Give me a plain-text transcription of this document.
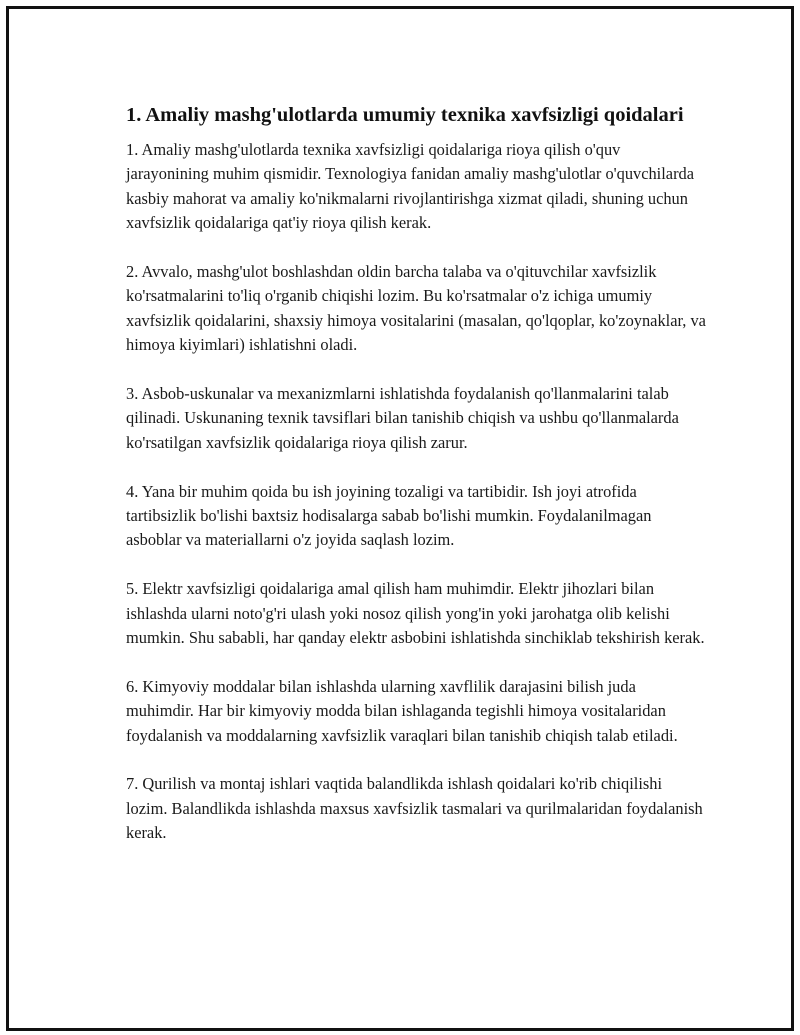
1. Amaliy mashg'ulotlarda umumiy texnika xavfsizligi qoidalari

1. Amaliy mashg'ulotlarda texnika xavfsizligi qoidalariga rioya qilish o'quv jarayonining muhim qismidir. Texnologiya fanidan amaliy mashg'ulotlar o'quvchilarda kasbiy mahorat va amaliy ko'nikmalarni rivojlantirishga xizmat qiladi, shuning uchun xavfsizlik qoidalariga qat'iy rioya qilish kerak.

2. Avvalo, mashg'ulot boshlashdan oldin barcha talaba va o'qituvchilar xavfsizlik ko'rsatmalarini to'liq o'rganib chiqishi lozim. Bu ko'rsatmalar o'z ichiga umumiy xavfsizlik qoidalarini, shaxsiy himoya vositalarini (masalan, qo'lqoplar, ko'zoynaklar, va himoya kiyimlari) ishlatishni oladi.

3. Asbob-uskunalar va mexanizmlarni ishlatishda foydalanish qo'llanmalarini talab qilinadi. Uskunaning texnik tavsiflari bilan tanishib chiqish va ushbu qo'llanmalarda ko'rsatilgan xavfsizlik qoidalariga rioya qilish zarur.

4. Yana bir muhim qoida bu ish joyining tozaligi va tartibidir. Ish joyi atrofida tartibsizlik bo'lishi baxtsiz hodisalarga sabab bo'lishi mumkin. Foydalanilmagan asboblar va materiallarni o'z joyida saqlash lozim.

5. Elektr xavfsizligi qoidalariga amal qilish ham muhimdir. Elektr jihozlari bilan ishlashda ularni noto'g'ri ulash yoki nosoz qilish yong'in yoki jarohatga olib kelishi mumkin. Shu sababli, har qanday elektr asbobini ishlatishda sinchiklab tekshirish kerak.

6. Kimyoviy moddalar bilan ishlashda ularning xavflilik darajasini bilish juda muhimdir. Har bir kimyoviy modda bilan ishlaganda tegishli himoya vositalaridan foydalanish va moddalarning xavfsizlik varaqlari bilan tanishib chiqish talab etiladi.

7. Qurilish va montaj ishlari vaqtida balandlikda ishlash qoidalari ko'rib chiqilishi lozim. Balandlikda ishlashda maxsus xavfsizlik tasmalari va qurilmalaridan foydalanish kerak.
